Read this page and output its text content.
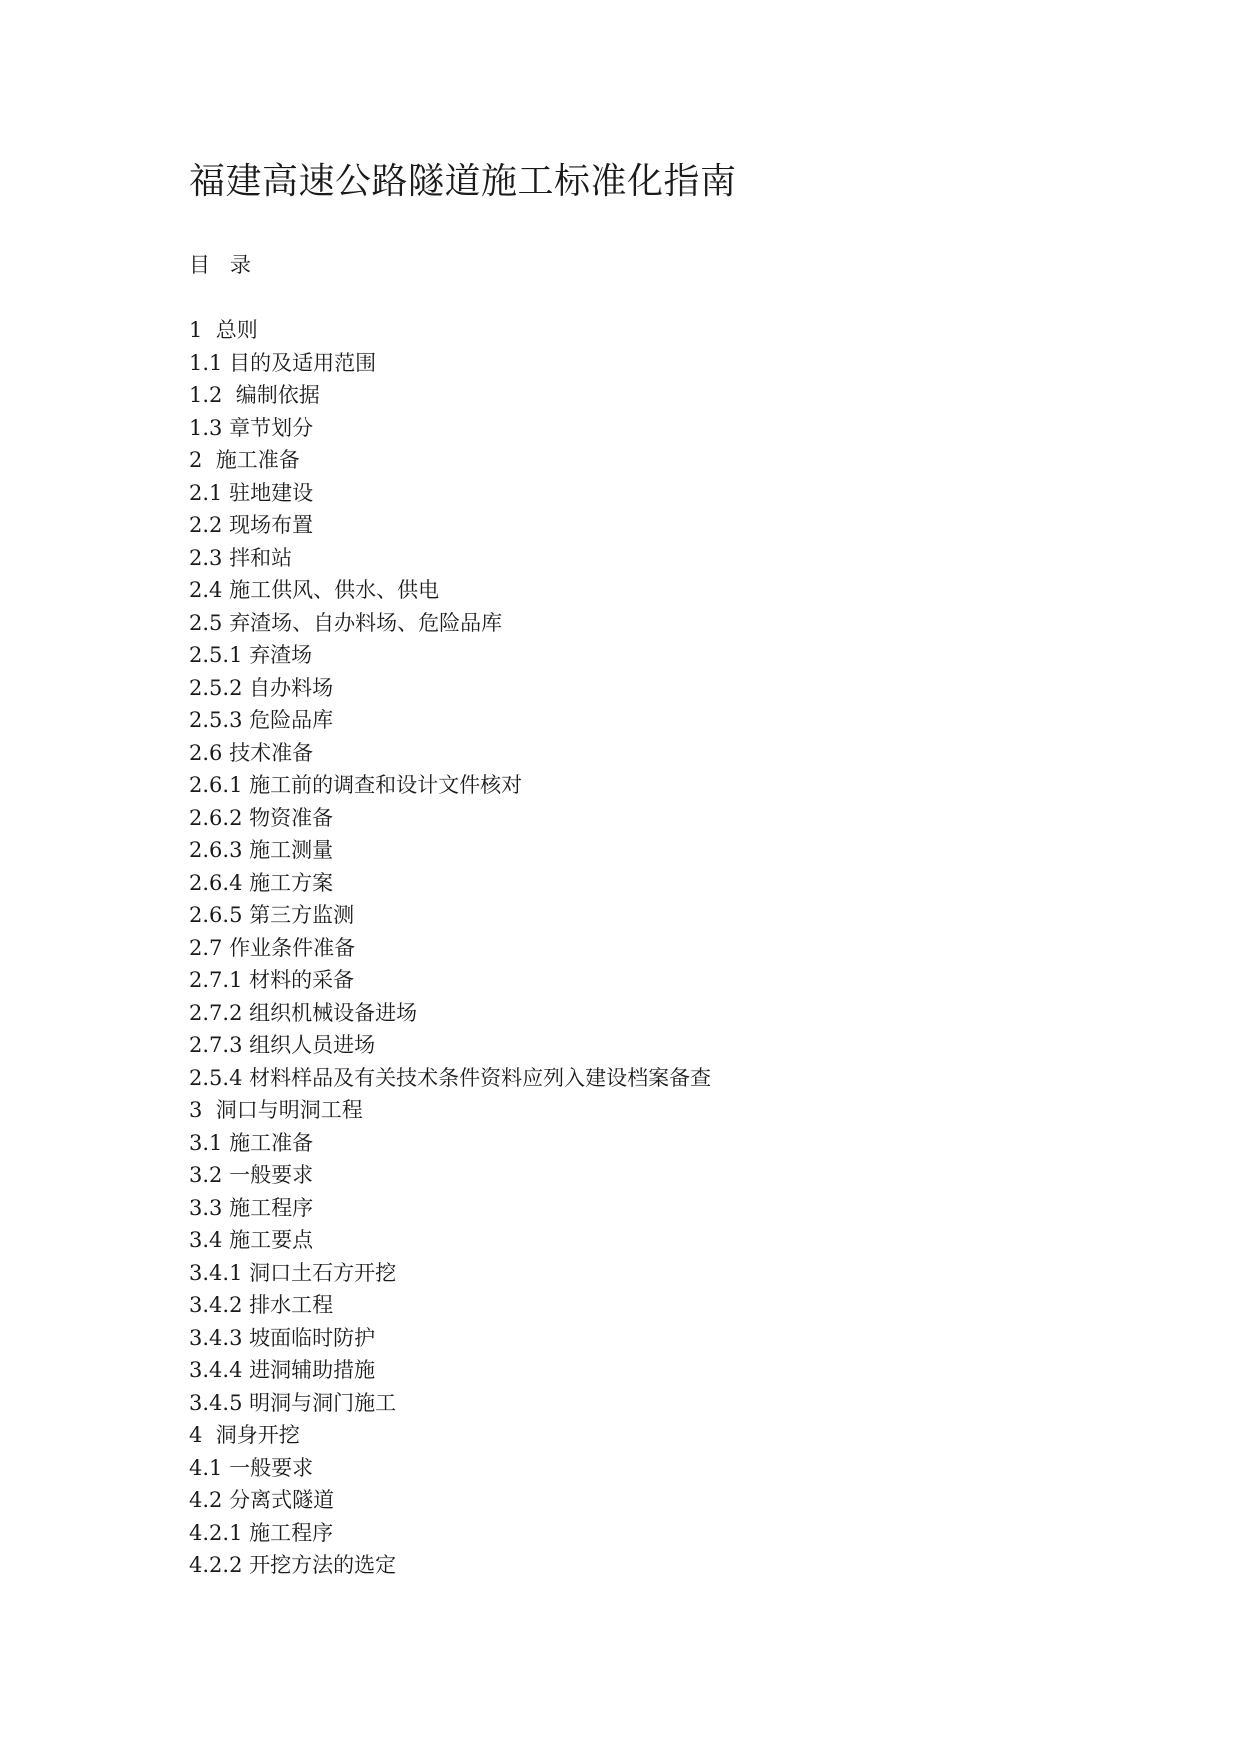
福建高速公路隧道施工标准化指南
目   录
1  总则
1.1 目的及适用范围
1.2  编制依据
1.3 章节划分
2  施工准备
2.1 驻地建设
2.2 现场布置
2.3 拌和站
2.4 施工供风、供水、供电
2.5 弃渣场、自办料场、危险品库
2.5.1 弃渣场
2.5.2 自办料场
2.5.3 危险品库
2.6 技术准备
2.6.1 施工前的调查和设计文件核对
2.6.2 物资准备
2.6.3 施工测量
2.6.4 施工方案
2.6.5 第三方监测
2.7 作业条件准备
2.7.1 材料的采备
2.7.2 组织机械设备进场
2.7.3 组织人员进场
2.5.4 材料样品及有关技术条件资料应列入建设档案备查
3  洞口与明洞工程
3.1 施工准备
3.2 一般要求
3.3 施工程序
3.4 施工要点
3.4.1 洞口土石方开挖
3.4.2 排水工程
3.4.3 坡面临时防护
3.4.4 进洞辅助措施
3.4.5 明洞与洞门施工
4  洞身开挖
4.1 一般要求
4.2 分离式隧道
4.2.1 施工程序
4.2.2 开挖方法的选定
